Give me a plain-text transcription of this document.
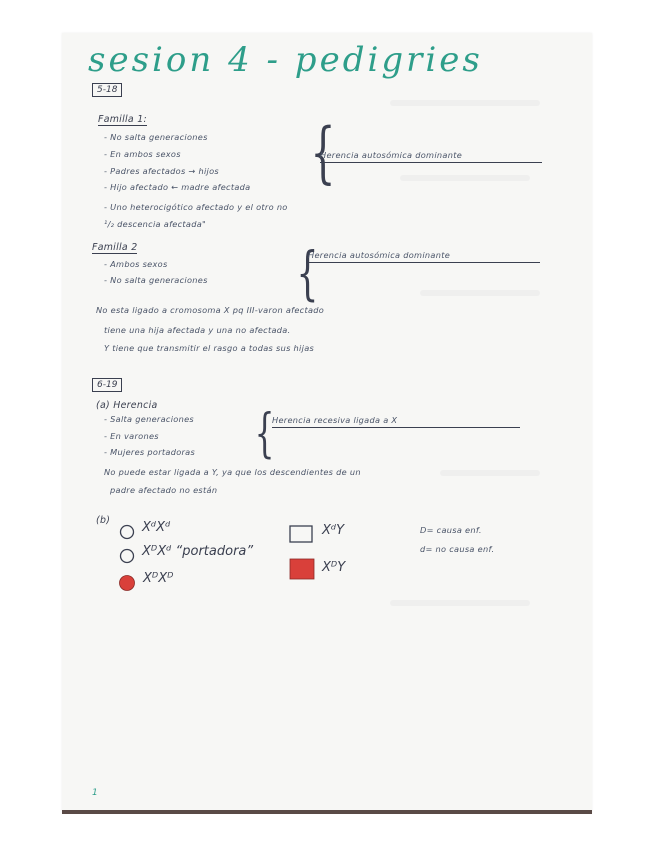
sesion 4 - pedigries
5-18
Familla 1:
- No salta generaciones
- En ambos sexos
- Padres afectados → hijos
- Hijo afectado ← madre afectada {
Herencia autosómica dominante
- Uno heterocigótico afectado y el otro no
¹/₂ descencia afectada"
Familla 2
- Ambos sexos
- No salta generaciones {
Herencia autosómica dominante
No esta ligado a cromosoma X pq III-varon afectado
tiene una hija afectada y una no afectada.
Y tiene que transmitir el rasgo a todas sus hijas
6-19
(a) Herencia
- Salta generaciones
- En varones
- Mujeres portadoras {
Herencia recesiva ligada a X
No puede estar ligada a Y, ya que los descendientes de un
padre afectado no están
(b) XᵈXᵈ
XᴰXᵈ “portadora”
XᴰXᴰ
XᵈY
XᴰY
D= causa enf.
d= no causa enf.
1
